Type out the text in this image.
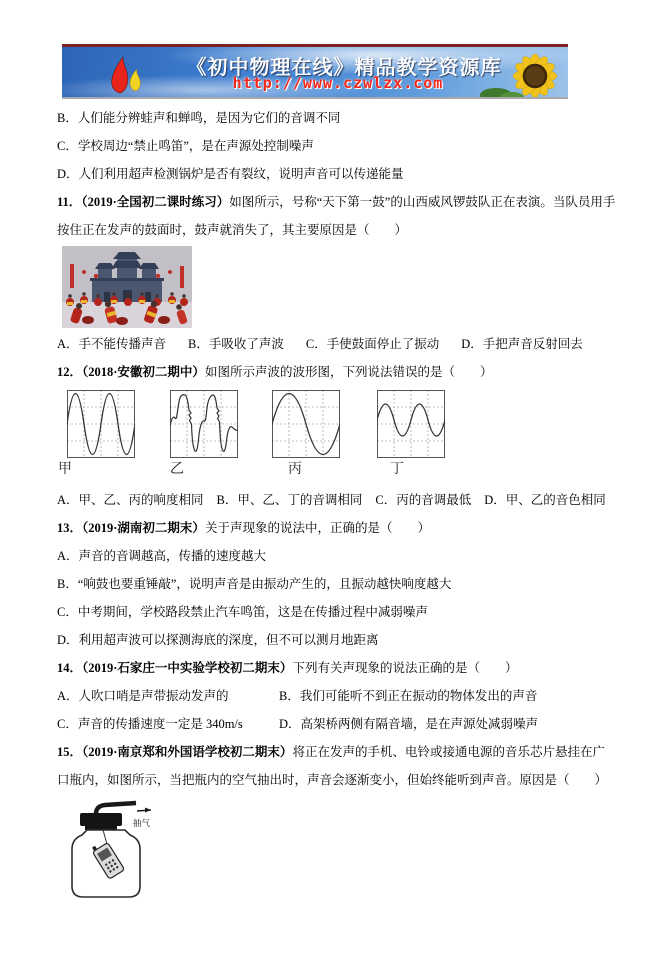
《初中物理在线》精品教学资源库
http://www.czwlzx.com

B．人们能分辨蛙声和蝉鸣，是因为它们的音调不同

C．学校周边“禁止鸣笛”，是在声源处控制噪声

D．人们利用超声检测锅炉是否有裂纹，说明声音可以传递能量

11．（2019·全国初二课时练习）如图所示，号称“天下第一鼓”的山西威风锣鼓队正在表演。当队员用手按住正在发声的鼓面时，鼓声就消失了，其主要原因是（　　）

A．手不能传播声音 B．手吸收了声波 C．手使鼓面停止了振动 D．手把声音反射回去

12．（2018·安徽初二期中）如图所示声波的波形图，下列说法错误的是（　　）

甲	乙	丙	丁
A．甲、乙、丙的响度相同 B．甲、乙、丁的音调相同 C．丙的音调最低 D．甲、乙的音色相同

13．（2019·湖南初二期末）关于声现象的说法中，正确的是（　　）

A．声音的音调越高，传播的速度越大

B．“响鼓也要重锤敲”，说明声音是由振动产生的，且振动越快响度越大

C．中考期间，学校路段禁止汽车鸣笛，这是在传播过程中减弱噪声

D．利用超声波可以探测海底的深度，但不可以测月地距离

14．（2019·石家庄一中实验学校初二期末）下列有关声现象的说法正确的是（　　）

A．人吹口哨是声带振动发声的	B．我们可能听不到正在振动的物体发出的声音
C．声音的传播速度一定是 340m/s	D．高架桥两侧有隔音墙，是在声源处减弱噪声

15．（2019·南京郑和外国语学校初二期末）将正在发声的手机、电铃或接通电源的音乐芯片悬挂在广口瓶内，如图所示，当把瓶内的空气抽出时，声音会逐渐变小，但始终能听到声音。原因是（　　）

抽气
